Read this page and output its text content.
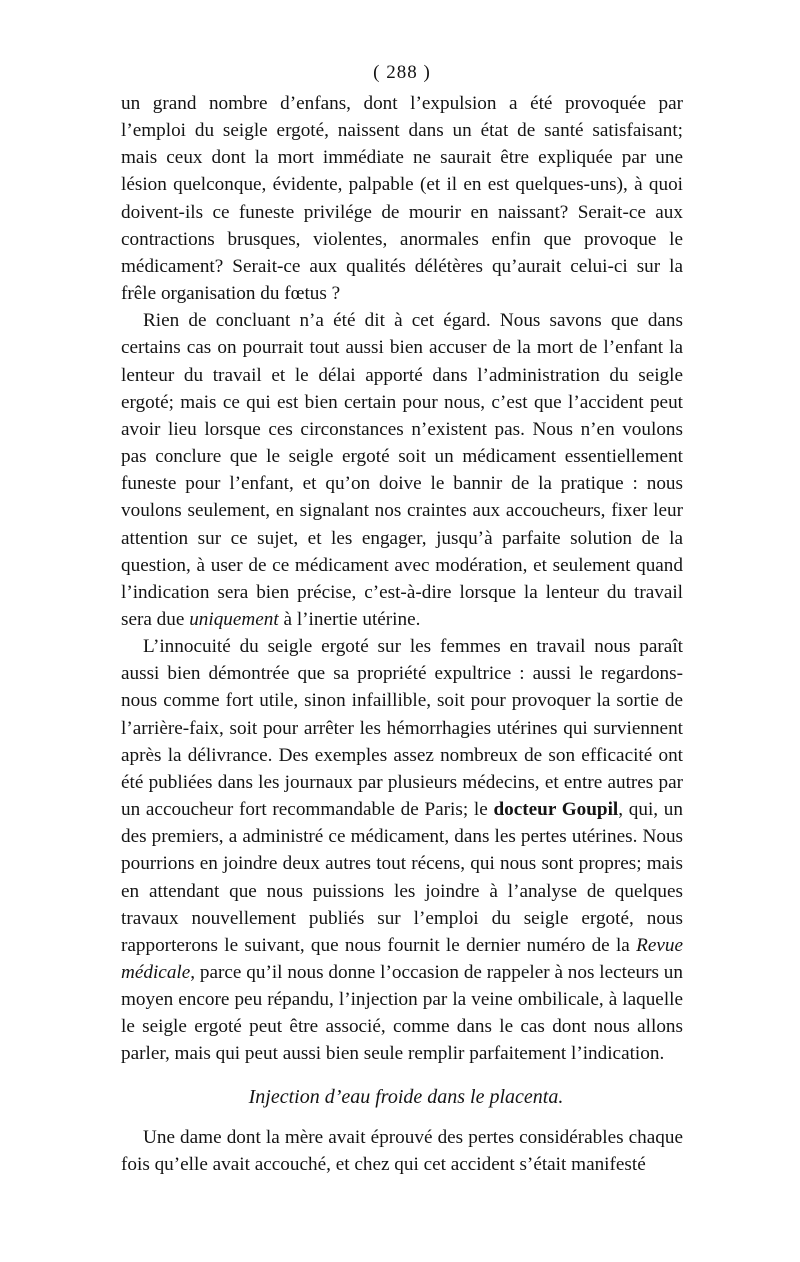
( 288 )

un grand nombre d’enfans, dont l’expulsion a été provoquée par l’emploi du seigle ergoté, naissent dans un état de santé satisfaisant; mais ceux dont la mort immédiate ne saurait être expliquée par une lésion quelconque, évidente, palpable (et il en est quelques-uns), à quoi doivent-ils ce funeste privilége de mourir en naissant? Serait-ce aux contractions brusques, violentes, anormales enfin que provoque le médicament? Serait-ce aux qualités délétères qu’aurait celui-ci sur la frêle organisation du fœtus ?

Rien de concluant n’a été dit à cet égard. Nous savons que dans certains cas on pourrait tout aussi bien accuser de la mort de l’enfant la lenteur du travail et le délai apporté dans l’administration du seigle ergoté; mais ce qui est bien certain pour nous, c’est que l’accident peut avoir lieu lorsque ces circonstances n’existent pas. Nous n’en voulons pas conclure que le seigle ergoté soit un médicament essentiellement funeste pour l’enfant, et qu’on doive le bannir de la pratique : nous voulons seulement, en signalant nos craintes aux accoucheurs, fixer leur attention sur ce sujet, et les engager, jusqu’à parfaite solution de la question, à user de ce médicament avec modération, et seulement quand l’indication sera bien précise, c’est-à-dire lorsque la lenteur du travail sera due uniquement à l’inertie utérine.

L’innocuité du seigle ergoté sur les femmes en travail nous paraît aussi bien démontrée que sa propriété expultrice : aussi le regardons-nous comme fort utile, sinon infaillible, soit pour provoquer la sortie de l’arrière-faix, soit pour arrêter les hémorrhagies utérines qui surviennent après la délivrance. Des exemples assez nombreux de son efficacité ont été publiées dans les journaux par plusieurs médecins, et entre autres par un accoucheur fort recommandable de Paris; le docteur Goupil, qui, un des premiers, a administré ce médicament, dans les pertes utérines. Nous pourrions en joindre deux autres tout récens, qui nous sont propres; mais en attendant que nous puissions les joindre à l’analyse de quelques travaux nouvellement publiés sur l’emploi du seigle ergoté, nous rapporterons le suivant, que nous fournit le dernier numéro de la Revue médicale, parce qu’il nous donne l’occasion de rappeler à nos lecteurs un moyen encore peu répandu, l’injection par la veine ombilicale, à laquelle le seigle ergoté peut être associé, comme dans le cas dont nous allons parler, mais qui peut aussi bien seule remplir parfaitement l’indication.

Injection d’eau froide dans le placenta.

Une dame dont la mère avait éprouvé des pertes considérables chaque fois qu’elle avait accouché, et chez qui cet accident s’était manifesté
